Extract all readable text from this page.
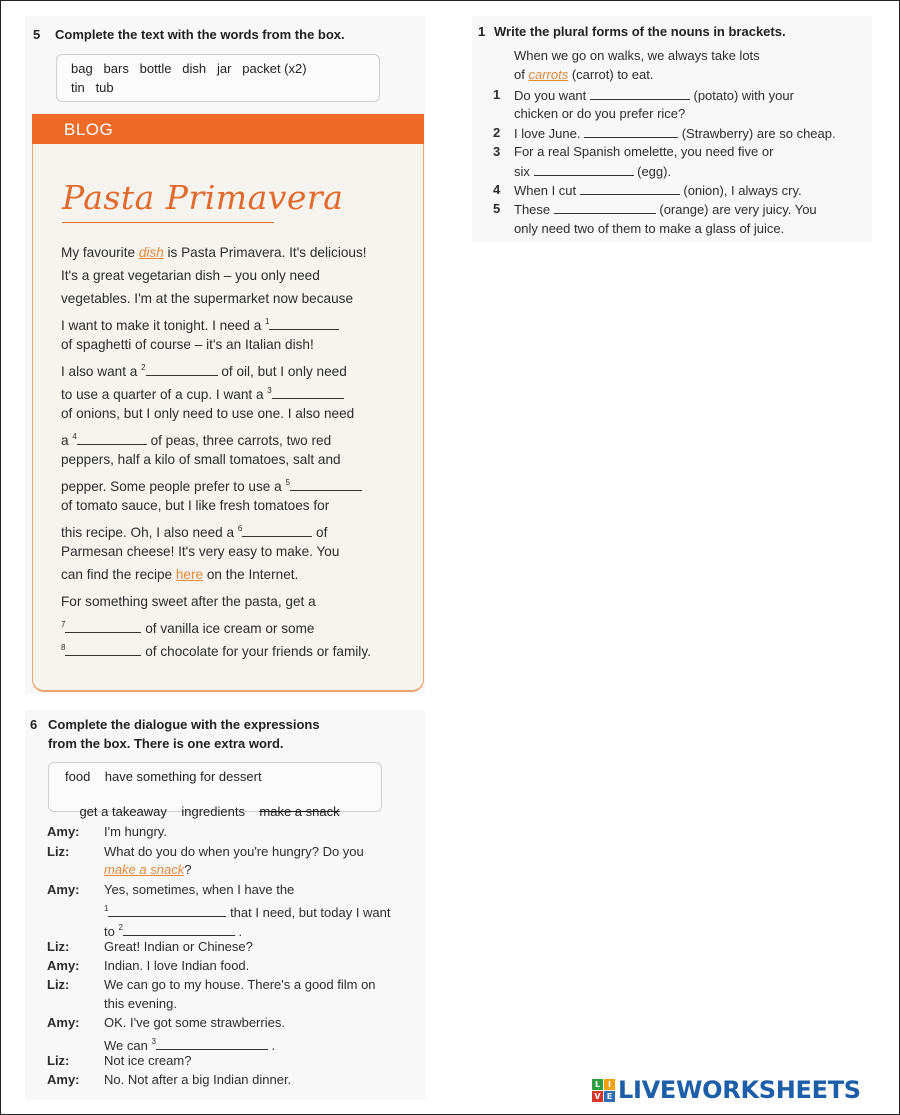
5 Complete the text with the words from the box.
bag   bars   bottle   dish   jar   packet (x2)
tin   tub
BLOG
Pasta Primavera
My favourite dish is Pasta Primavera. It's delicious!
It's a great vegetarian dish – you only need
vegetables. I'm at the supermarket now because
I want to make it tonight. I need a $^1$
of spaghetti of course – it's an Italian dish!
I also want a $^2$	of oil, but I only need
to use a quarter of a cup. I want a $^3$
of onions, but I only need to use one. I also need
a $^4$	of peas, three carrots, two red
peppers, half a kilo of small tomatoes, salt and
pepper. Some people prefer to use a $^5$
of tomato sauce, but I like fresh tomatoes for
this recipe. Oh, I also need a $^6$	of
Parmesan cheese! It's very easy to make. You
can find the recipe here on the Internet.
For something sweet after the pasta, get a
$^7$	of vanilla ice cream or some
$^8$	of chocolate for your friends or family.
1 Write the plural forms of the nouns in brackets.
When we go on walks, we always take lots
of carrots (carrot) to eat.
1 Do you want	(potato) with your
chicken or do you prefer rice?
2 I love June.	(Strawberry) are so cheap.
3 For a real Spanish omelette, you need five or
six	(egg).
4 When I cut	(onion), I always cry.
5 These	(orange) are very juicy. You
only need two of them to make a glass of juice.
6 Complete the dialogue with the expressions
from the box. There is one extra word.
food    have something for dessert

get a takeaway    ingredients    make a snack

Amy: I'm hungry.
Liz:	What do you do when you're hungry? Do you
make a snack?
Amy: Yes, sometimes, when I have the
$^1$	that I need, but today I want
to $^2$	.
Liz:	Great! Indian or Chinese?
Amy: Indian. I love Indian food.
Liz:	We can go to my house. There's a good film on
this evening.
Amy: OK. I've got some strawberries.
We can $^3$	.
Liz:	Not ice cream?
Amy: No. Not after a big Indian dinner.	L I
V E LIVEWORKSHEETS
